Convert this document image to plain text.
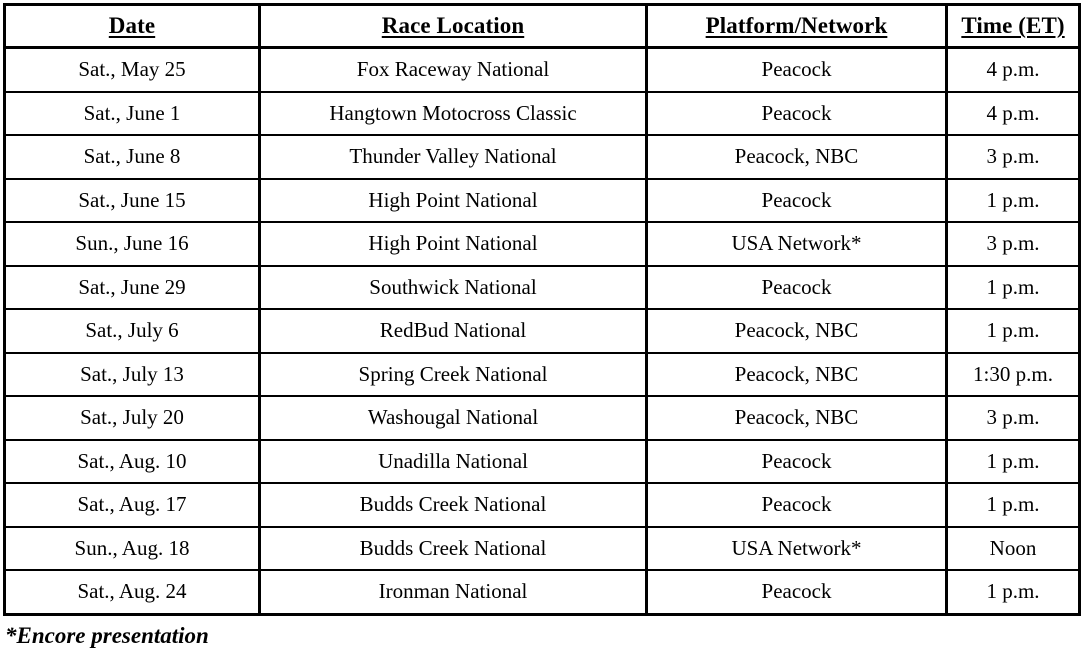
Date	Race Location	Platform/Network	Time (ET)
Sat., May 25	Fox Raceway National	Peacock	4 p.m.
Sat., June 1	Hangtown Motocross Classic	Peacock	4 p.m.
Sat., June 8	Thunder Valley National	Peacock, NBC	3 p.m.
Sat., June 15	High Point National	Peacock	1 p.m.
Sun., June 16	High Point National	USA Network*	3 p.m.
Sat., June 29	Southwick National	Peacock	1 p.m.
Sat., July 6	RedBud National	Peacock, NBC	1 p.m.
Sat., July 13	Spring Creek National	Peacock, NBC	1:30 p.m.
Sat., July 20	Washougal National	Peacock, NBC	3 p.m.
Sat., Aug. 10	Unadilla National	Peacock	1 p.m.
Sat., Aug. 17	Budds Creek National	Peacock	1 p.m.
Sun., Aug. 18	Budds Creek National	USA Network*	Noon
Sat., Aug. 24	Ironman National	Peacock	1 p.m.
*Encore presentation
